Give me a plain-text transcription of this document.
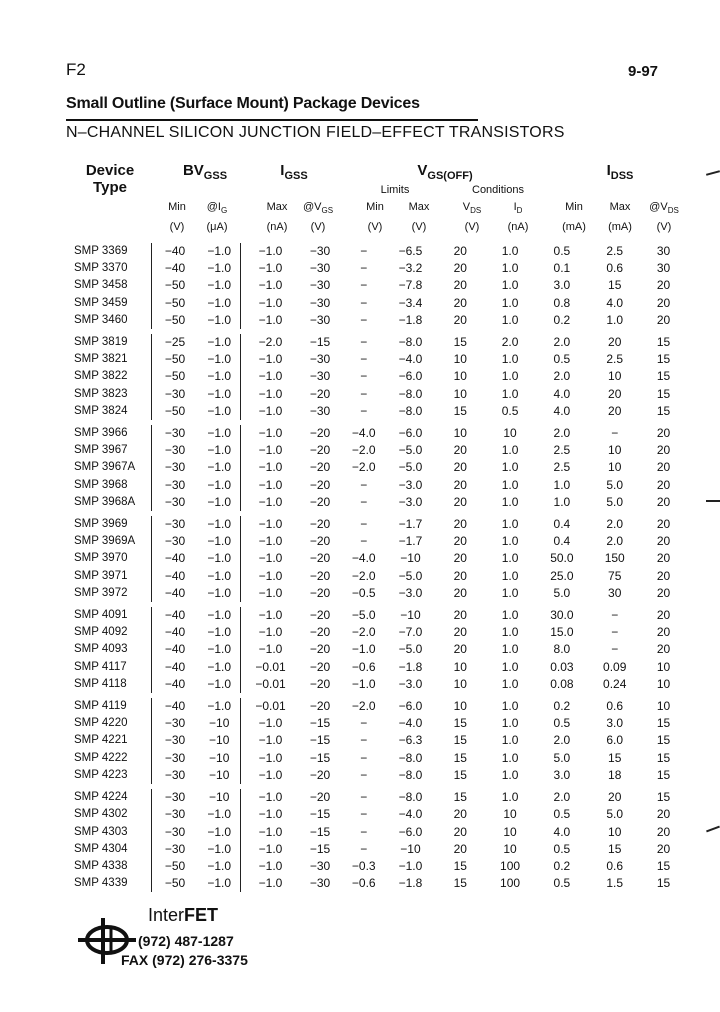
F2	9-97
Small Outline (Surface Mount) Package Devices
N–CHANNEL SILICON JUNCTION FIELD–EFFECT TRANSISTORS
Device
Type
$BV_{GSS}$	$I_{GSS}$	$V_{GS(OFF)}$	$I_{DSS}$
Limits	Conditions
Min	$@I_G$	Max	$@V_{GS}$	Min	Max	$V_{DS}$	$I_D$	Min	Max	$@V_{DS}$
(V)	(μA)	(nA)	(V)	(V)	(V)	(V)	(nA)	(mA)	(mA)	(V)
SMP 3369	−40	−1.0	−1.0	−30	−	−6.5	20	1.0	0.5	2.5	30
SMP 3370	−40	−1.0	−1.0	−30	−	−3.2	20	1.0	0.1	0.6	30
SMP 3458	−50	−1.0	−1.0	−30	−	−7.8	20	1.0	3.0	15	20
SMP 3459	−50	−1.0	−1.0	−30	−	−3.4	20	1.0	0.8	4.0	20
SMP 3460	−50	−1.0	−1.0	−30	−	−1.8	20	1.0	0.2	1.0	20

SMP 3819	−25	−1.0	−2.0	−15	−	−8.0	15	2.0	2.0	20	15
SMP 3821	−50	−1.0	−1.0	−30	−	−4.0	10	1.0	0.5	2.5	15
SMP 3822	−50	−1.0	−1.0	−30	−	−6.0	10	1.0	2.0	10	15
SMP 3823	−30	−1.0	−1.0	−20	−	−8.0	10	1.0	4.0	20	15
SMP 3824	−50	−1.0	−1.0	−30	−	−8.0	15	0.5	4.0	20	15

SMP 3966	−30	−1.0	−1.0	−20	−4.0	−6.0	10	10	2.0	−	20
SMP 3967	−30	−1.0	−1.0	−20	−2.0	−5.0	20	1.0	2.5	10	20
SMP 3967A	−30	−1.0	−1.0	−20	−2.0	−5.0	20	1.0	2.5	10	20
SMP 3968	−30	−1.0	−1.0	−20	−	−3.0	20	1.0	1.0	5.0	20
SMP 3968A	−30	−1.0	−1.0	−20	−	−3.0	20	1.0	1.0	5.0	20

SMP 3969	−30	−1.0	−1.0	−20	−	−1.7	20	1.0	0.4	2.0	20
SMP 3969A	−30	−1.0	−1.0	−20	−	−1.7	20	1.0	0.4	2.0	20
SMP 3970	−40	−1.0	−1.0	−20	−4.0	−10	20	1.0	50.0	150	20
SMP 3971	−40	−1.0	−1.0	−20	−2.0	−5.0	20	1.0	25.0	75	20
SMP 3972	−40	−1.0	−1.0	−20	−0.5	−3.0	20	1.0	5.0	30	20

SMP 4091	−40	−1.0	−1.0	−20	−5.0	−10	20	1.0	30.0	−	20
SMP 4092	−40	−1.0	−1.0	−20	−2.0	−7.0	20	1.0	15.0	−	20
SMP 4093	−40	−1.0	−1.0	−20	−1.0	−5.0	20	1.0	8.0	−	20
SMP 4117	−40	−1.0	−0.01	−20	−0.6	−1.8	10	1.0	0.03	0.09	10
SMP 4118	−40	−1.0	−0.01	−20	−1.0	−3.0	10	1.0	0.08	0.24	10

SMP 4119	−40	−1.0	−0.01	−20	−2.0	−6.0	10	1.0	0.2	0.6	10
SMP 4220	−30	−10	−1.0	−15	−	−4.0	15	1.0	0.5	3.0	15
SMP 4221	−30	−10	−1.0	−15	−	−6.3	15	1.0	2.0	6.0	15
SMP 4222	−30	−10	−1.0	−15	−	−8.0	15	1.0	5.0	15	15
SMP 4223	−30	−10	−1.0	−20	−	−8.0	15	1.0	3.0	18	15

SMP 4224	−30	−10	−1.0	−20	−	−8.0	15	1.0	2.0	20	15
SMP 4302	−30	−1.0	−1.0	−15	−	−4.0	20	10	0.5	5.0	20
SMP 4303	−30	−1.0	−1.0	−15	−	−6.0	20	10	4.0	10	20
SMP 4304	−30	−1.0	−1.0	−15	−	−10	20	10	0.5	15	20
SMP 4338	−50	−1.0	−1.0	−30	−0.3	−1.0	15	100	0.2	0.6	15
SMP 4339	−50	−1.0	−1.0	−30	−0.6	−1.8	15	100	0.5	1.5	15
InterFET
(972) 487-1287
FAX (972) 276-3375
